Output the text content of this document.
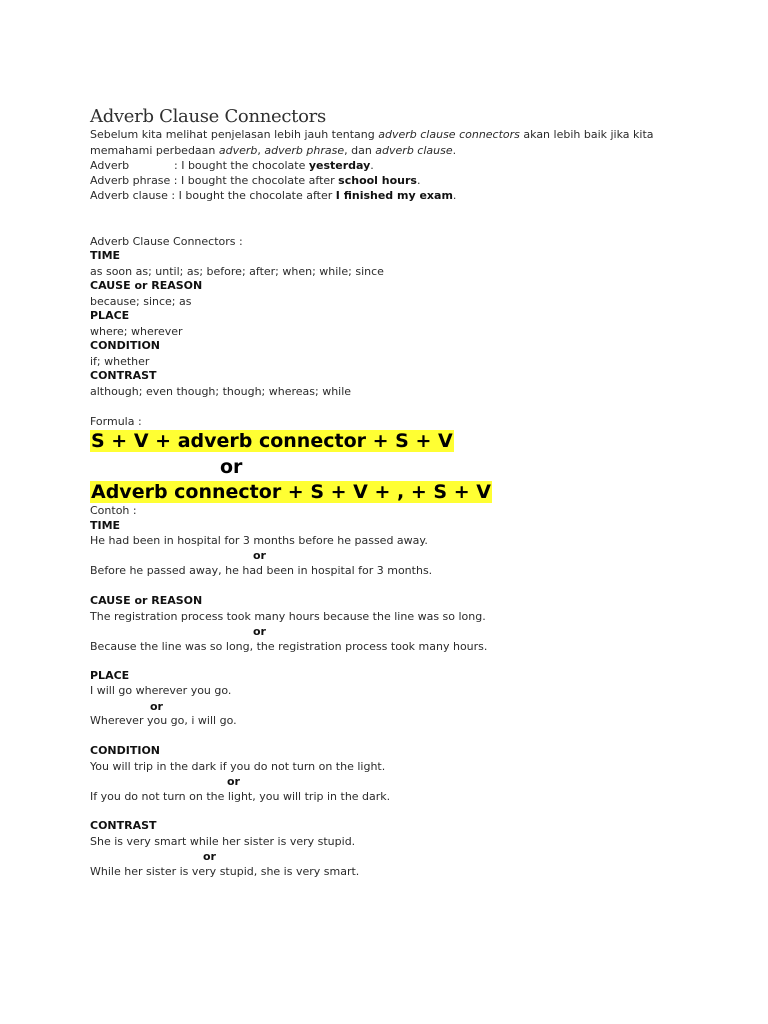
Adverb Clause Connectors
Sebelum kita melihat penjelasan lebih jauh tentang adverb clause connectors akan lebih baik jika kita
memahami perbedaan adverb, adverb phrase, dan adverb clause.
Adverb	: I bought the chocolate yesterday.
Adverb phrase : I bought the chocolate after school hours.
Adverb clause : I bought the chocolate after I finished my exam.
Adverb Clause Connectors :
TIME
as soon as; until; as; before; after; when; while; since
CAUSE or REASON
because; since; as
PLACE
where; wherever
CONDITION
if; whether
CONTRAST
although; even though; though; whereas; while
Formula :
S + V + adverb connector + S + V
or
Adverb connector + S + V + , + S + V
Contoh :
TIME
He had been in hospital for 3 months before he passed away.
or
Before he passed away, he had been in hospital for 3 months.
CAUSE or REASON
The registration process took many hours because the line was so long.
or
Because the line was so long, the registration process took many hours.
PLACE
I will go wherever you go.
or
Wherever you go, i will go.
CONDITION
You will trip in the dark if you do not turn on the light.
or
If you do not turn on the light, you will trip in the dark.
CONTRAST
She is very smart while her sister is very stupid.
or
While her sister is very stupid, she is very smart.
